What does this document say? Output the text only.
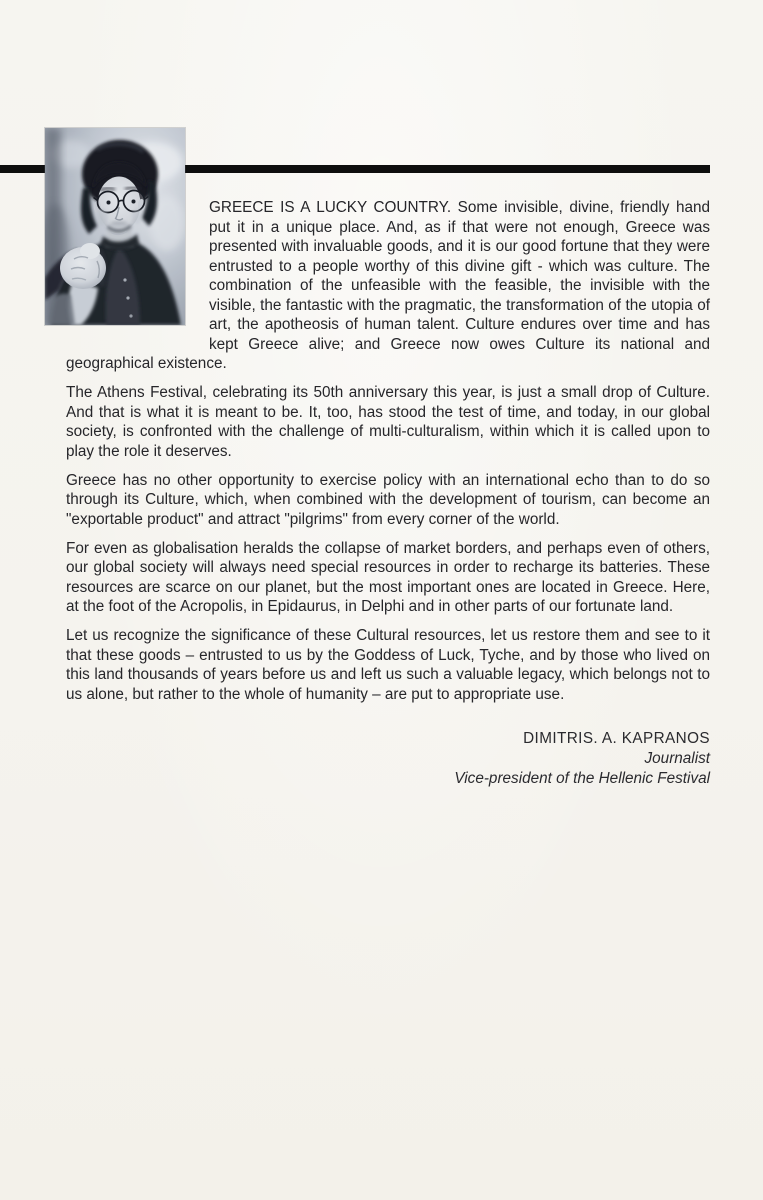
GREECE IS A LUCKY COUNTRY. Some invisible, divine, friendly hand put it in a unique place. And, as if that were not enough, Greece was presented with invaluable goods, and it is our good fortune that they were entrusted to a people worthy of this divine gift - which was culture. The combination of the unfeasible with the feasible, the invisible with the visible, the fantastic with the pragmatic, the transformation of the utopia of art, the apotheosis of human talent. Culture endures over time and has kept Greece alive; and Greece now owes Culture its national and geographical existence.

The Athens Festival, celebrating its 50th anniversary this year, is just a small drop of Culture. And that is what it is meant to be. It, too, has stood the test of time, and today, in our global society, is confronted with the challenge of multi-culturalism, within which it is called upon to play the role it deserves.

Greece has no other opportunity to exercise policy with an international echo than to do so through its Culture, which, when combined with the development of tourism, can become an "exportable product" and attract "pilgrims" from every corner of the world.

For even as globalisation heralds the collapse of market borders, and perhaps even of others, our global society will always need special resources in order to recharge its batteries. These resources are scarce on our planet, but the most important ones are located in Greece. Here, at the foot of the Acropolis, in Epidaurus, in Delphi and in other parts of our fortunate land.

Let us recognize the significance of these Cultural resources, let us restore them and see to it that these goods – entrusted to us by the Goddess of Luck, Tyche, and by those who lived on this land thousands of years before us and left us such a valuable legacy, which belongs not to us alone, but rather to the whole of humanity – are put to appropriate use.

DIMITRIS. A. KAPRANOS
Journalist
Vice-president of the Hellenic Festival
